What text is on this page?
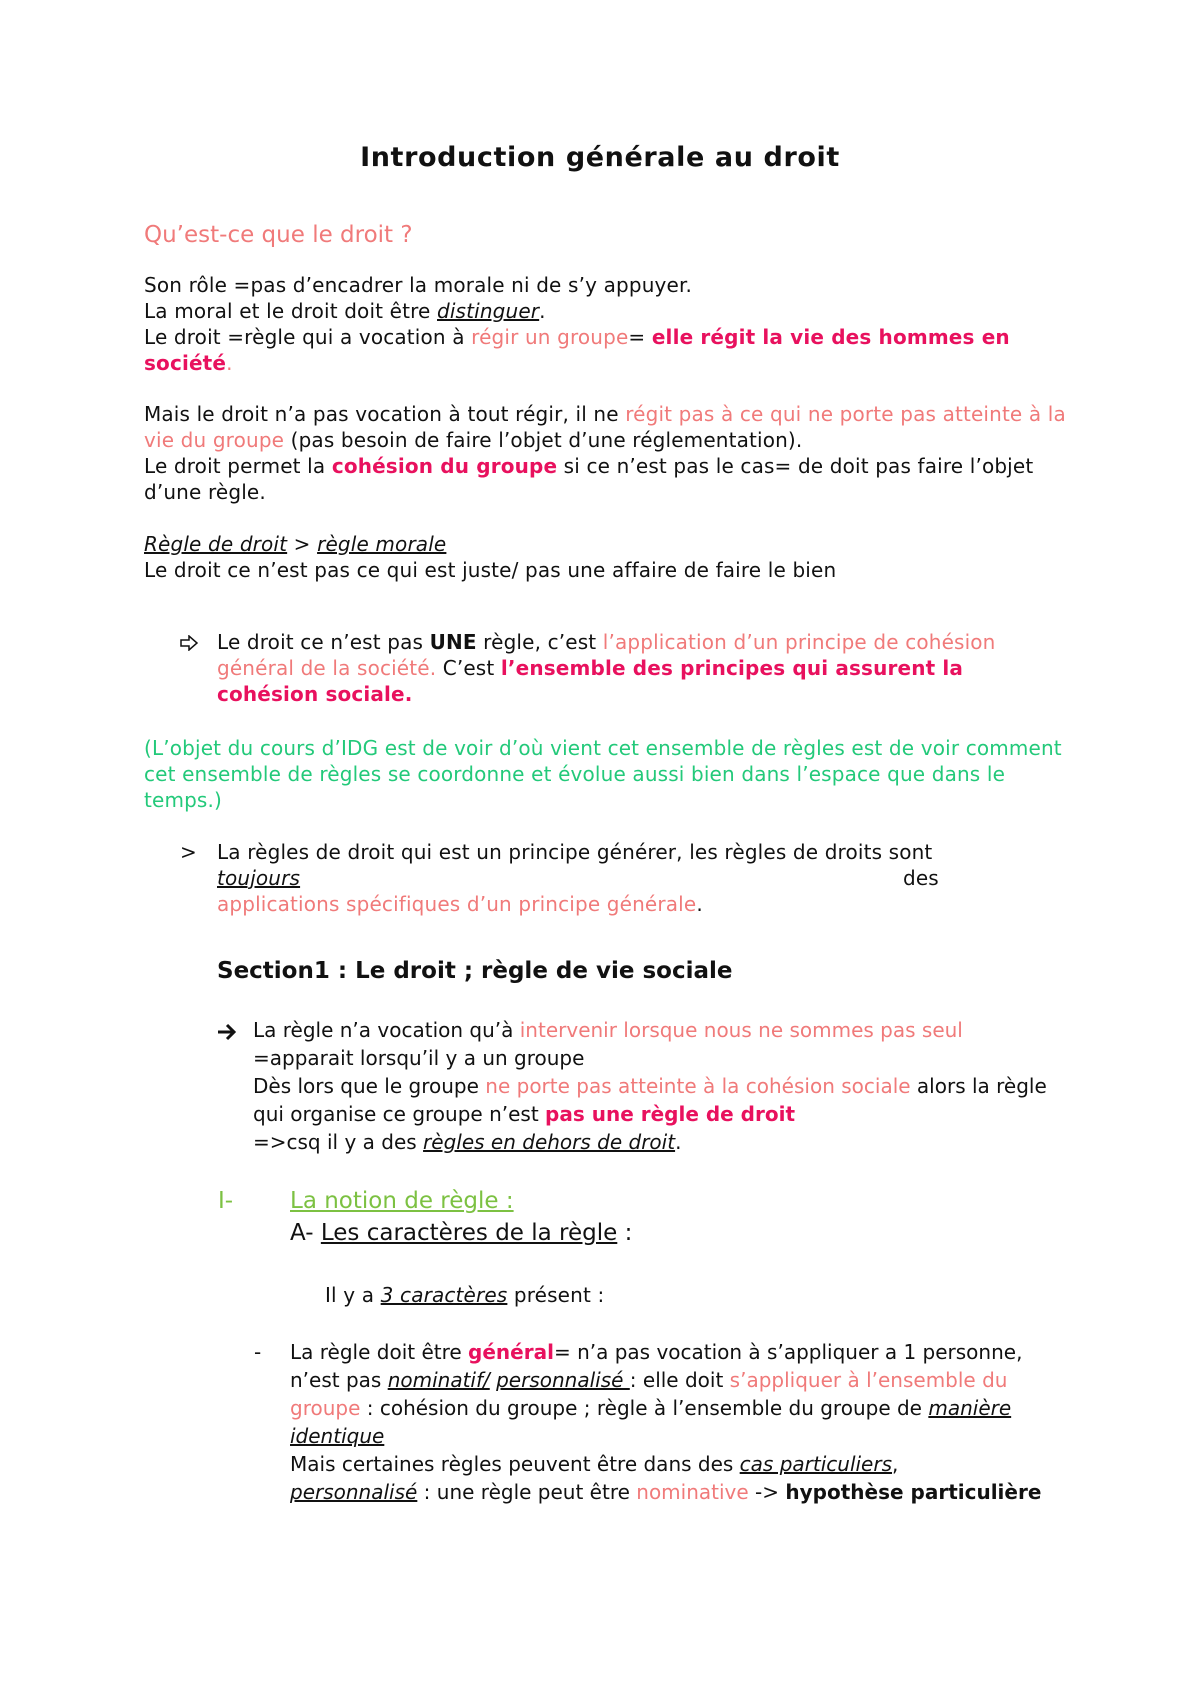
Introduction générale au droit
Qu’est-ce que le droit ?

Son rôle =pas d’encadrer la morale ni de s’y appuyer.
La moral et le droit doit être distinguer.
Le droit =règle qui a vocation à régir un groupe= elle régit la vie des hommes en société.

Mais le droit n’a pas vocation à tout régir, il ne régit pas à ce qui ne porte pas atteinte à la vie du groupe (pas besoin de faire l’objet d’une réglementation).
Le droit permet la cohésion du groupe si ce n’est pas le cas= de doit pas faire l’objet d’une règle.

Règle de droit > règle morale
Le droit ce n’est pas ce qui est juste/ pas une affaire de faire le bien

Le droit ce n’est pas UNE règle, c’est l’application d’un principe de cohésion général de la société. C’est l’ensemble des principes qui assurent la cohésion sociale.

(L’objet du cours d’IDG est de voir d’où vient cet ensemble de règles est de voir comment cet ensemble de règles se coordonne et évolue aussi bien dans l’espace que dans le temps.)

> La règles de droit qui est un principe générer, les règles de droits sont
toujours	des

applications spécifiques d’un principe générale.

Section1 : Le droit ; règle de vie sociale

La règle n’a vocation qu’à intervenir lorsque nous ne sommes pas seul
=apparait lorsqu’il y a un groupe
Dès lors que le groupe ne porte pas atteinte à la cohésion sociale alors la règle qui organise ce groupe n’est pas une règle de droit
=>csq il y a des règles en dehors de droit.

I- La notion de règle :
A- Les caractères de la règle :

Il y a 3 caractères présent :

- La règle doit être général= n’a pas vocation à s’appliquer a 1 personne, n’est pas nominatif/ personnalisé : elle doit s’appliquer à l’ensemble du groupe : cohésion du groupe ; règle à l’ensemble du groupe de manière identique
Mais certaines règles peuvent être dans des cas particuliers,
personnalisé : une règle peut être nominative -> hypothèse particulière
